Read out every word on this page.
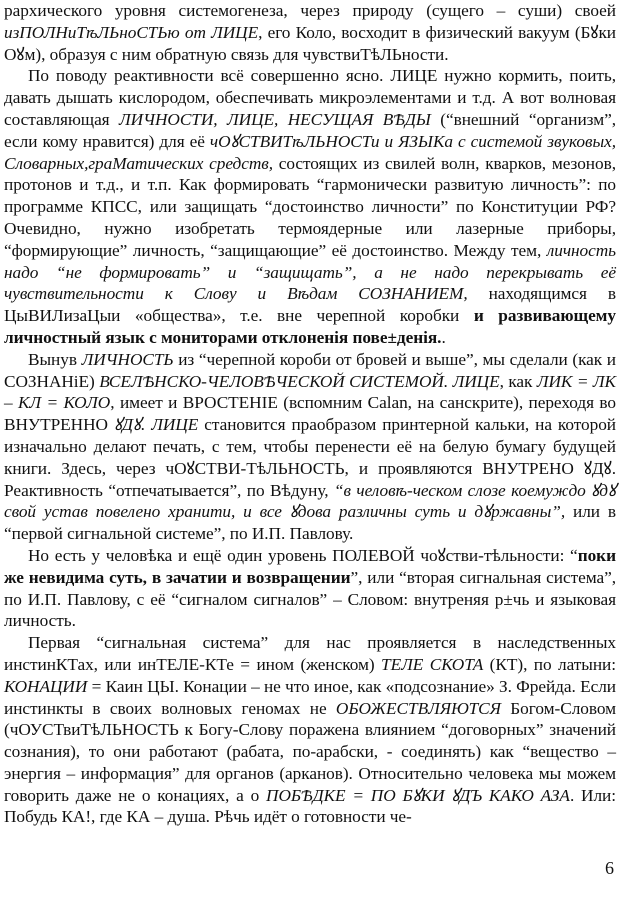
рархического уровня системогенеза, через природу (сущего – суши) своей изПОЛНиТѣЛЬноСТЬю от ЛИЦЕ, его Коло, восходит в физический вакуум (Бꙋки Оꙋм), образуя с ним обратную связь для чувствиТѣЛЬности.

По поводу реактивности всё совершенно ясно. ЛИЦЕ нужно кормить, поить, давать дышать кислородом, обеспечивать микроэлементами и т.д. А вот волновая составляющая ЛИЧНОСТИ, ЛИЦЕ, НЕСУЩАЯ ВѢДЫ (“внешний “организм”, если кому нравится) для её чОꙋСТВИТѣЛЬНОСТи и ЯЗЫКа с системой звуковых, Словарных,граМатических средств, состоящих из свилей волн, кварков, мезонов, протонов и т.д., и т.п. Как формировать “гармонически развитую личность”: по программе КПСС, или защищать “достоинство личности” по Конституции РФ? Очевидно, нужно изобретать термоядерные или лазерные приборы, “формирующие” личность, “защищающие” её достоинство. Между тем, личность надо “не формировать” и “защищать”, а не надо перекрывать её чувствительности к Слову и Вѣдам СОЗНАНИЕМ, находящимся в ЦыВИЛизаЦыи «общества», т.е. вне черепной коробки и развивающему личностный язык с мониторами отклоненія пове±денія..

Вынув ЛИЧНОСТЬ из “черепной короби от бровей и выше”, мы сделали (как и СОЗНАНiЕ) ВСЕЛѢНСКО-ЧЕЛОВѢЧЕСКОЙ СИСТЕМОЙ. ЛИЦЕ, как ЛИК = ЛК – КЛ = КОЛО, имеет и ВРОСТЕНIЕ (вспомним Calan, на санскрите), переходя во ВНУТРЕННО ꙋДꙋ. ЛИЦЕ становится праобразом принтерной кальки, на которой изначально делают печать, с тем, чтобы перенести её на белую бумагу будущей книги. Здесь, через чОꙋСТВИ-ТѣЛЬНОСТЬ, и проявляются ВНУТРЕНО ꙋДꙋ. Реактивность “отпечатывается”, по Вѣдуну, “в человѣ-ческом слозе коемуждо ꙋдꙋ свой устав повелено хранити, и все ꙋдова различны суть и дꙋржавны”, или в “первой сигнальной системе”, по И.П. Павлову.

Но есть у человѣка и ещё один уровень ПОЛЕВОЙ чоꙋстви-тѣльности: “поки же невидима суть, в зачатии и возвращении”, или “вторая сигнальная система”, по И.П. Павлову, с её “сигналом сигналов” – Словом: внутреняя р±чь и языковая личность.

Первая “сигнальная система” для нас проявляется в наследственных инстинКТах, или инТЕЛЕ-КТе = ином (женском) ТЕЛЕ СКОТА (КТ), по латыни: КОНАЦИИ = Каин ЦЫ. Конации – не что иное, как «подсознание» З. Фрейда. Если инстинкты в своих волновых геномах не ОБОЖЕСТВЛЯЮТСЯ Богом-Словом (чОУСТвиТѣЛЬНОСТЬ к Богу-Слову поражена влиянием “договорных” значений сознания), то они работают (рабата, по-арабски, - соединять) как “вещество – энергия – информация” для органов (арканов). Относительно человека мы можем говорить даже не о конациях, а о ПОБѢДКЕ = ПО БꙋКИ ꙋДЪ КАКО АЗА. Или: Побудь КА!, где КА – душа. Рѣчь идёт о готовности че-

6
